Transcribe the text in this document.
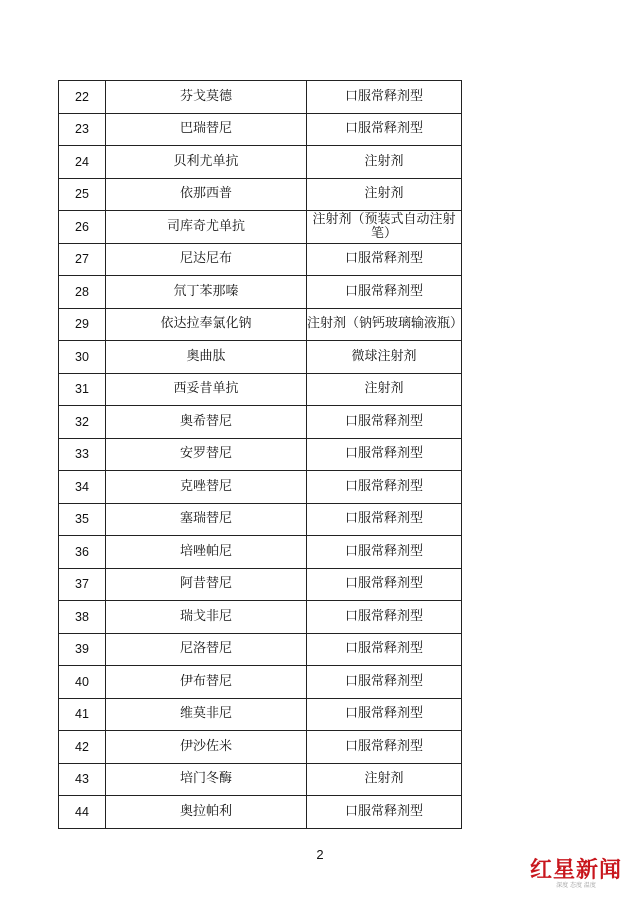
22	芬戈莫德	口服常释剂型
23	巴瑞替尼	口服常释剂型
24	贝利尤单抗	注射剂
25	依那西普	注射剂
26	司库奇尤单抗	注射剂（预装式自动注射笔）
27	尼达尼布	口服常释剂型
28	氘丁苯那嗪	口服常释剂型
29	依达拉奉氯化钠	注射剂（钠钙玻璃输液瓶）
30	奥曲肽	微球注射剂
31	西妥昔单抗	注射剂
32	奥希替尼	口服常释剂型
33	安罗替尼	口服常释剂型
34	克唑替尼	口服常释剂型
35	塞瑞替尼	口服常释剂型
36	培唑帕尼	口服常释剂型
37	阿昔替尼	口服常释剂型
38	瑞戈非尼	口服常释剂型
39	尼洛替尼	口服常释剂型
40	伊布替尼	口服常释剂型
41	维莫非尼	口服常释剂型
42	伊沙佐米	口服常释剂型
43	培门冬酶	注射剂
44	奥拉帕利	口服常释剂型
2
红星新闻
深度 态度 温度
